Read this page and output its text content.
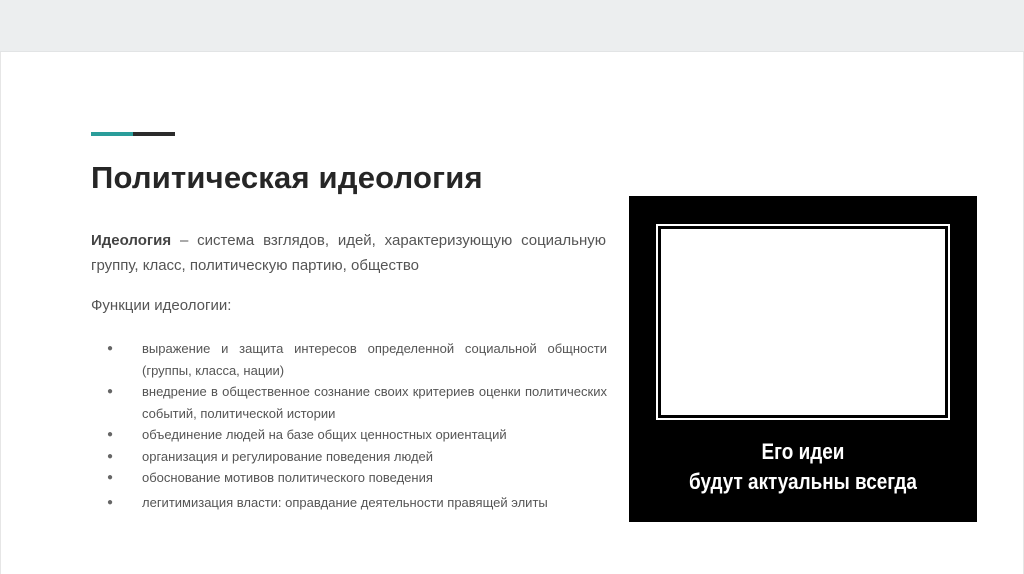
Политическая идеология

Идеология – система взглядов, идей, характеризующую социальную группу, класс, политическую партию, общество

Функции идеологии:
● выражение и защита интересов определенной социальной общности (группы, класса, нации)
● внедрение в общественное сознание своих критериев оценки политических событий, политической истории
● объединение людей на базе общих ценностных ориентаций
● организация и регулирование поведения людей
● обоснование мотивов политического поведения
● легитимизация власти: оправдание деятельности правящей элиты
Его идеи
будут актуальны всегда
